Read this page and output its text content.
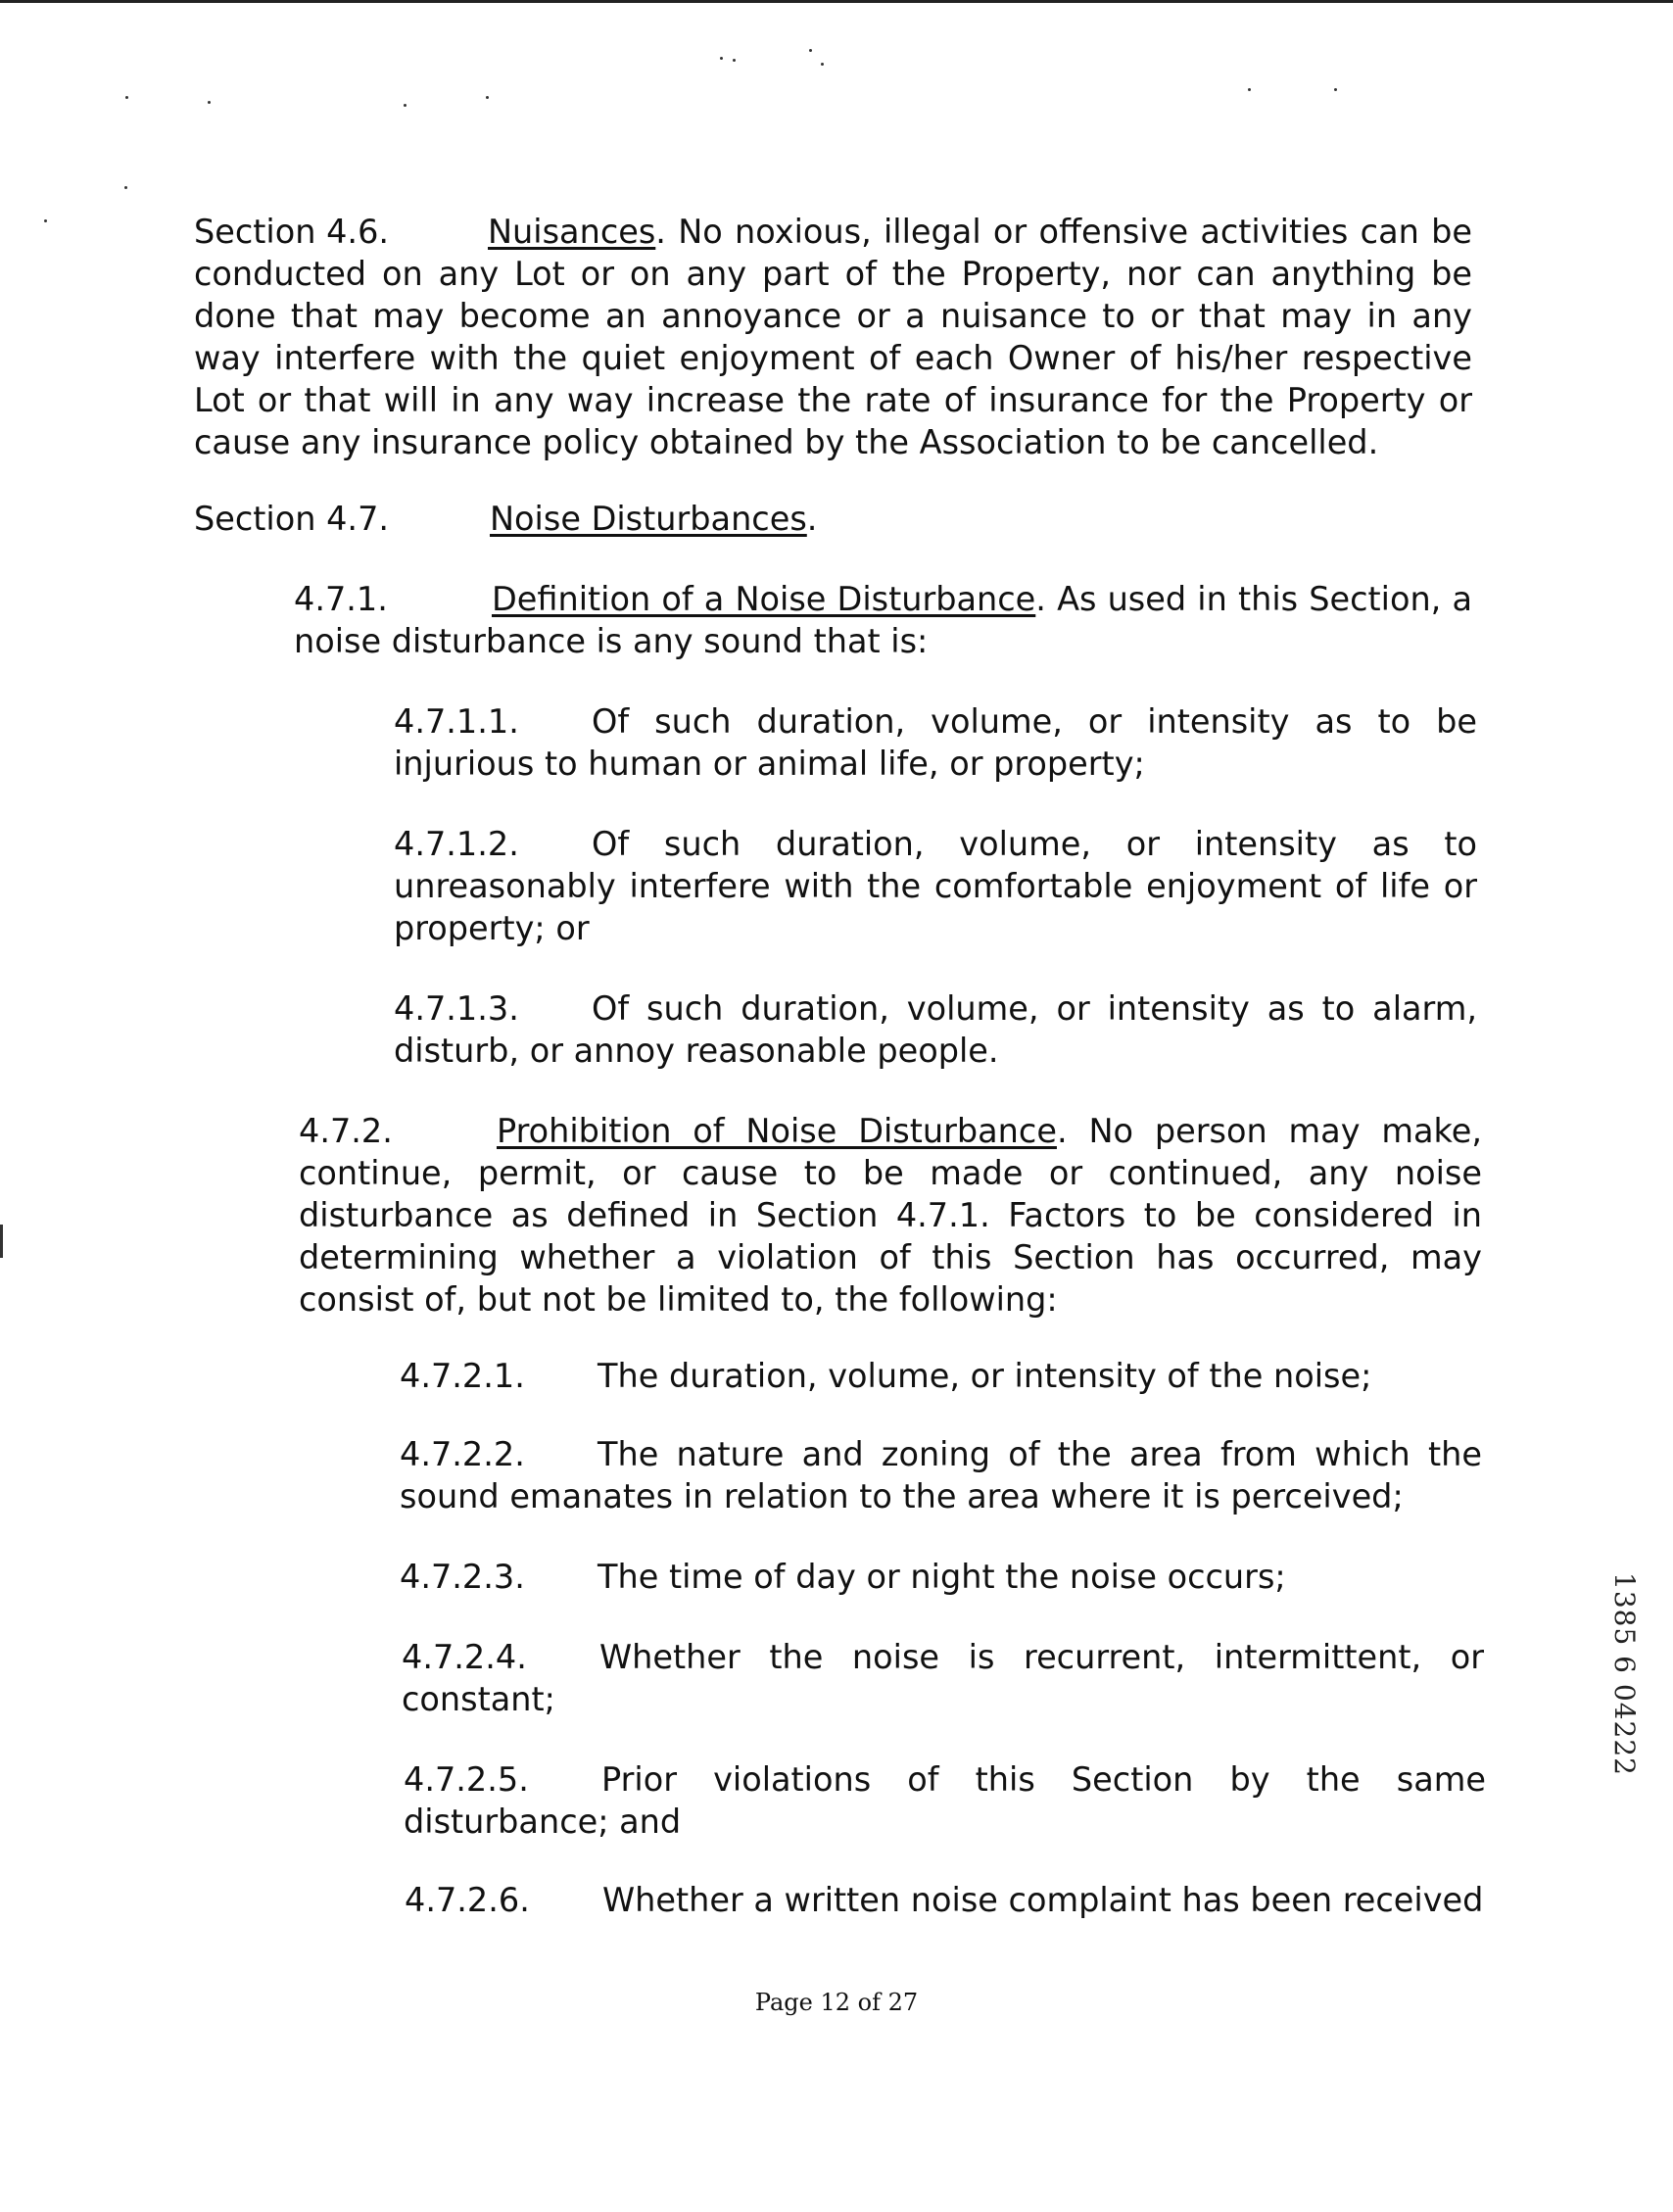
Section 4.6.	Nuisances. No noxious, illegal or offensive activities can be conducted on any Lot or on any part of the Property, nor can anything be done that may become an annoyance or a nuisance to or that may in any way interfere with the quiet enjoyment of each Owner of his/her respective Lot or that will in any way increase the rate of insurance for the Property or cause any insurance policy obtained by the Association to be cancelled.
Section 4.7.	Noise Disturbances.
4.7.1.	Definition of a Noise Disturbance. As used in this Section, a noise disturbance is any sound that is:
4.7.1.1. Of such duration, volume, or intensity as to be injurious to human or animal life, or property;
4.7.1.2. Of such duration, volume, or intensity as to unreasonably interfere with the comfortable enjoyment of life or property; or
4.7.1.3. Of such duration, volume, or intensity as to alarm, disturb, or annoy reasonable people.
4.7.2.	Prohibition of Noise Disturbance. No person may make, continue, permit, or cause to be made or continued, any noise disturbance as defined in Section 4.7.1. Factors to be considered in determining whether a violation of this Section has occurred, may consist of, but not be limited to, the following:
4.7.2.1. The duration, volume, or intensity of the noise;
4.7.2.2. The nature and zoning of the area from which the sound emanates in relation to the area where it is perceived;
4.7.2.3. The time of day or night the noise occurs;
4.7.2.4. Whether the noise is recurrent, intermittent, or constant;
4.7.2.5. Prior violations of this Section by the same disturbance; and
4.7.2.6. Whether a written noise complaint has been received
Page 12 of 27
1385 6 04222
